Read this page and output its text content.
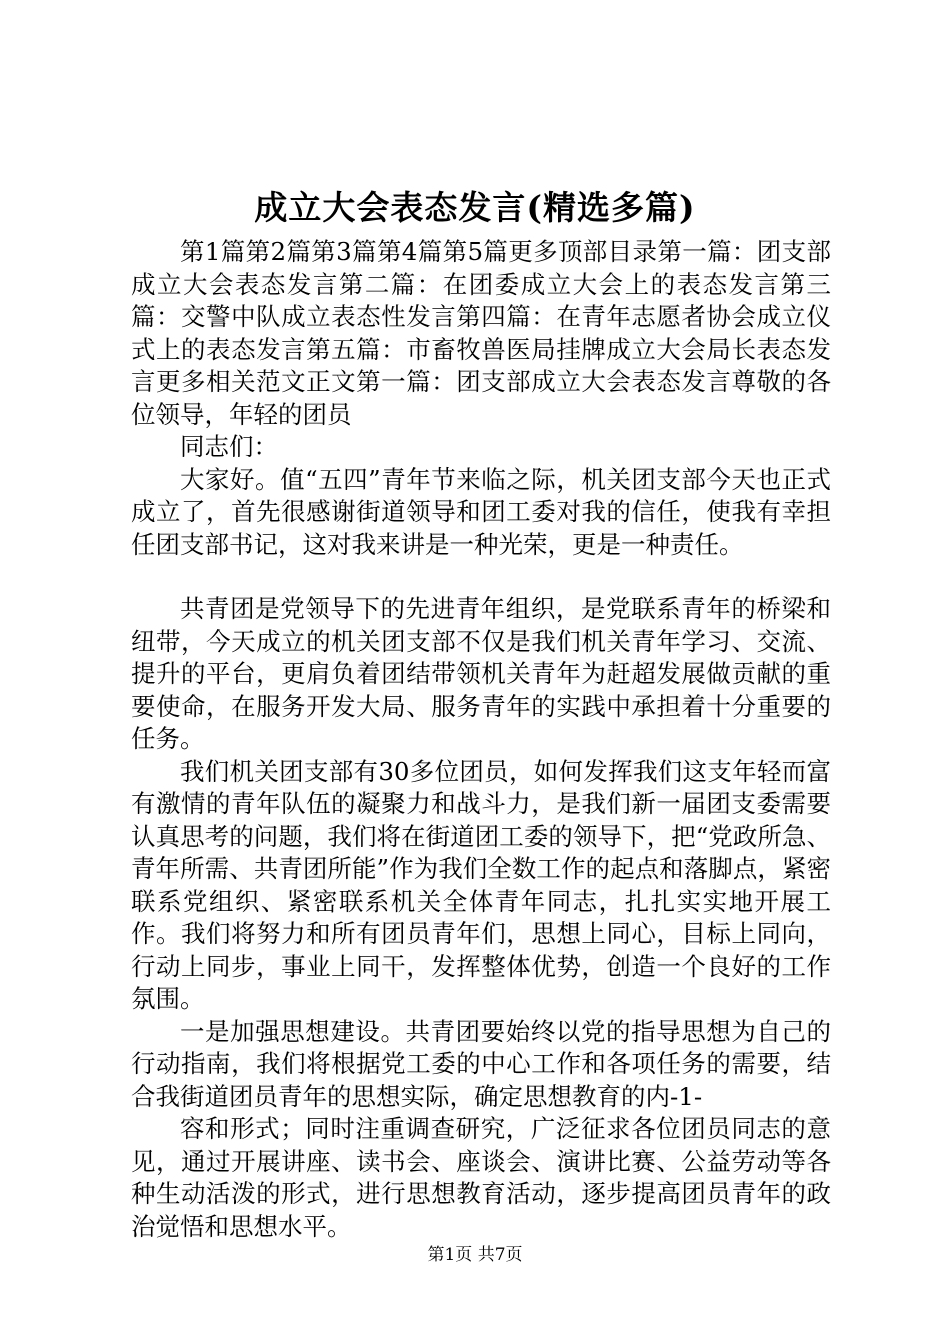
成立大会表态发言(精选多篇)

第1篇第2篇第3篇第4篇第5篇更多顶部目录第一篇：团支部成立大会表态发言第二篇：在团委成立大会上的表态发言第三篇：交警中队成立表态性发言第四篇：在青年志愿者协会成立仪式上的表态发言第五篇：市畜牧兽医局挂牌成立大会局长表态发言更多相关范文正文第一篇：团支部成立大会表态发言尊敬的各位领导，年轻的团员

同志们：

大家好。值“五四”青年节来临之际，机关团支部今天也正式成立了，首先很感谢街道领导和团工委对我的信任，使我有幸担任团支部书记，这对我来讲是一种光荣，更是一种责任。

共青团是党领导下的先进青年组织，是党联系青年的桥梁和纽带，今天成立的机关团支部不仅是我们机关青年学习、交流、提升的平台，更肩负着团结带领机关青年为赶超发展做贡献的重要使命，在服务开发大局、服务青年的实践中承担着十分重要的任务。

我们机关团支部有30多位团员，如何发挥我们这支年轻而富有激情的青年队伍的凝聚力和战斗力，是我们新一届团支委需要认真思考的问题，我们将在街道团工委的领导下，把“党政所急、青年所需、共青团所能”作为我们全数工作的起点和落脚点，紧密联系党组织、紧密联系机关全体青年同志，扎扎实实地开展工作。我们将努力和所有团员青年们，思想上同心，目标上同向，行动上同步，事业上同干，发挥整体优势，创造一个良好的工作氛围。

一是加强思想建设。共青团要始终以党的指导思想为自己的行动指南，我们将根据党工委的中心工作和各项任务的需要，结合我街道团员青年的思想实际，确定思想教育的内-1-

容和形式；同时注重调查研究，广泛征求各位团员同志的意见，通过开展讲座、读书会、座谈会、演讲比赛、公益劳动等各种生动活泼的形式，进行思想教育活动，逐步提高团员青年的政治觉悟和思想水平。

第1页 共7页
